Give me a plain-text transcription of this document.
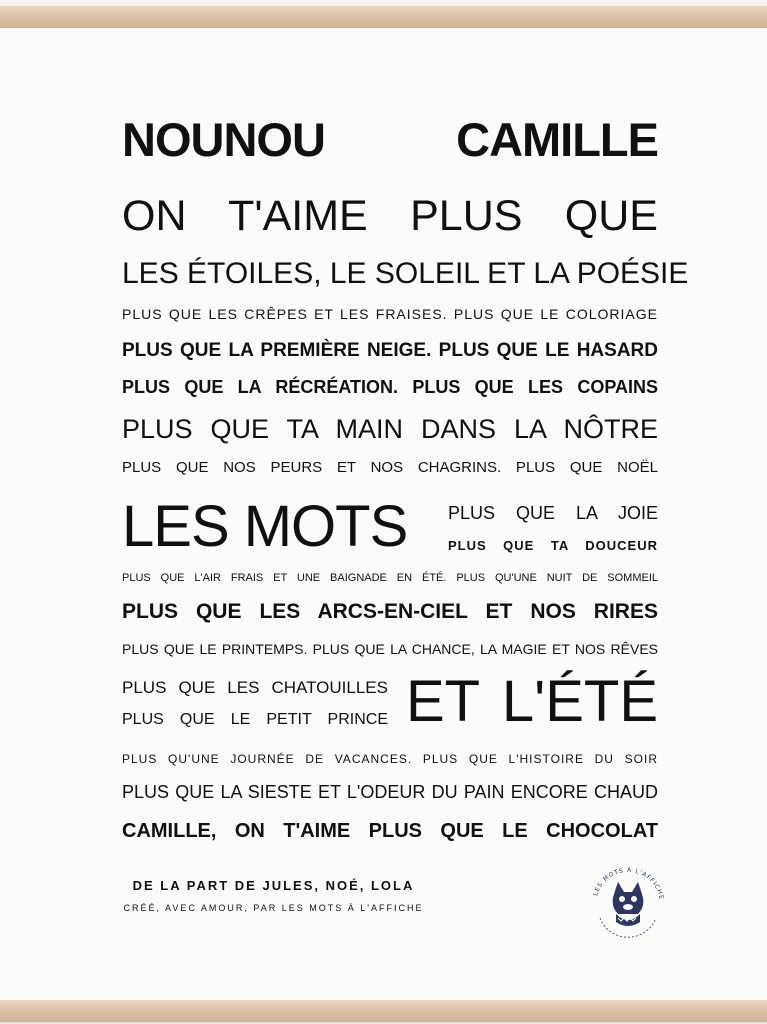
NOUNOU CAMILLE
ON T'AIME PLUS QUE
LES ÉTOILES, LE SOLEIL ET LA POÉSIE
PLUS QUE LES CRÊPES ET LES FRAISES. PLUS QUE LE COLORIAGE
PLUS QUE LA PREMIÈRE NEIGE. PLUS QUE LE HASARD
PLUS QUE LA RÉCRÉATION. PLUS QUE LES COPAINS
PLUS QUE TA MAIN DANS LA NÔTRE
PLUS QUE NOS PEURS ET NOS CHAGRINS. PLUS QUE NOËL
LES MOTS PLUS QUE LA JOIE
PLUS QUE TA DOUCEUR
PLUS QUE L'AIR FRAIS ET UNE BAIGNADE EN ÉTÉ. PLUS QU'UNE NUIT DE SOMMEIL
PLUS QUE LES ARCS-EN-CIEL ET NOS RIRES
PLUS QUE LE PRINTEMPS. PLUS QUE LA CHANCE, LA MAGIE ET NOS RÊVES
PLUS QUE LES CHATOUILLES
PLUS QUE LE PETIT PRINCE ET L'ÉTÉ
PLUS QU'UNE JOURNÉE DE VACANCES. PLUS QUE L'HISTOIRE DU SOIR
PLUS QUE LA SIESTE ET L'ODEUR DU PAIN ENCORE CHAUD
CAMILLE, ON T'AIME PLUS QUE LE CHOCOLAT
DE LA PART DE JULES, NOÉ, LOLA
CRÉÉ, AVEC AMOUR, PAR LES MOTS À L'AFFICHE
LES MOTS À L'AFFICHE
